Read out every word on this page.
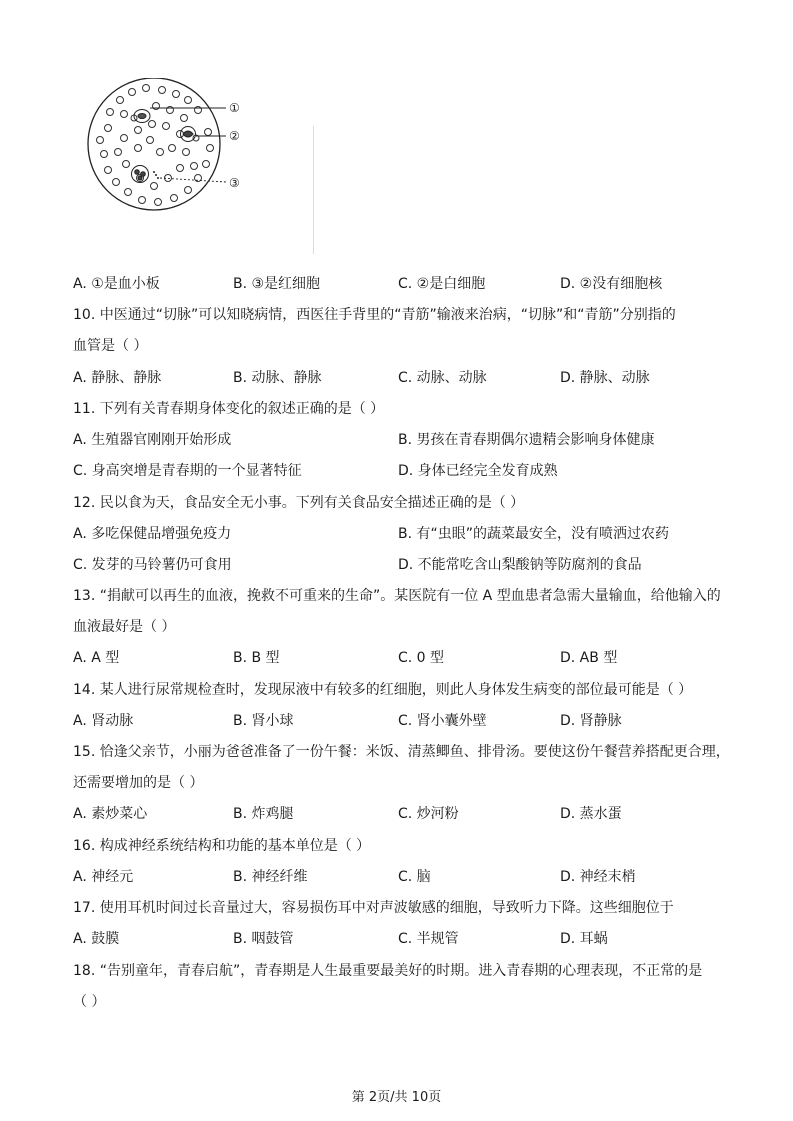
①
②
③
A. ①是血小板	B. ③是红细胞	C. ②是白细胞	D. ②没有细胞核
10. 中医通过“切脉”可以知晓病情，西医往手背里的“青筋”输液来治病，“切脉”和“青筋”分别指的
血管是（ ）
A. 静脉、静脉	B. 动脉、静脉	C. 动脉、动脉	D. 静脉、动脉
11. 下列有关青春期身体变化的叙述正确的是（ ）
A. 生殖器官刚刚开始形成	B. 男孩在青春期偶尔遗精会影响身体健康
C. 身高突增是青春期的一个显著特征	D. 身体已经完全发育成熟
12. 民以食为天，食品安全无小事。下列有关食品安全描述正确的是（ ）
A. 多吃保健品增强免疫力	B. 有“虫眼”的蔬菜最安全，没有喷洒过农药
C. 发芽的马铃薯仍可食用	D. 不能常吃含山梨酸钠等防腐剂的食品
13. “捐献可以再生的血液，挽救不可重来的生命”。某医院有一位 A 型血患者急需大量输血，给他输入的
血液最好是（ ）
A. A 型	B. B 型	C. 0 型	D. AB 型
14. 某人进行尿常规检查时，发现尿液中有较多的红细胞，则此人身体发生病变的部位最可能是（ ）
A. 肾动脉	B. 肾小球	C. 肾小囊外壁	D. 肾静脉
15. 恰逢父亲节，小丽为爸爸准备了一份午餐：米饭、清蒸鲫鱼、排骨汤。要使这份午餐营养搭配更合理，
还需要增加的是（ ）
A. 素炒菜心	B. 炸鸡腿	C. 炒河粉	D. 蒸水蛋
16. 构成神经系统结构和功能的基本单位是（ ）
A. 神经元	B. 神经纤维	C. 脑	D. 神经末梢
17. 使用耳机时间过长音量过大，容易损伤耳中对声波敏感的细胞，导致听力下降。这些细胞位于
A. 鼓膜	B. 咽鼓管	C. 半规管	D. 耳蜗
18. “告别童年，青春启航”，青春期是人生最重要最美好的时期。进入青春期的心理表现，不正常的是
（ ）
第 2页/共 10页
